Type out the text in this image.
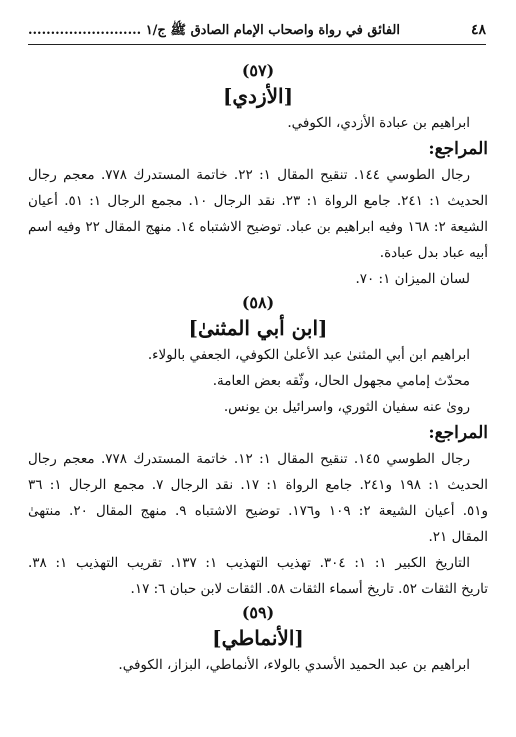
٤٨
الفائق في رواة واصحاب الإمام الصادق ﷺ ج/١ .........................
(٥٧)
[الأزدي]
ابراهيم بن عبادة الأزدي، الكوفي.
المراجع:
رجال الطوسي ١٤٤. تنقيح المقال ١: ٢٢. خاتمة المستدرك ٧٧٨. معجم رجال
الحديث ١: ٢٤١. جامع الرواة ١: ٢٣. نقد الرجال ١٠. مجمع الرجال ١: ٥١. أعيان
الشيعة ٢: ١٦٨ وفيه ابراهيم بن عباد. توضيح الاشتباه ١٤. منهج المقال ٢٢ وفيه اسم
أبيه عباد بدل عبادة.
لسان الميزان ١: ٧٠.
(٥٨)
[ابن أبي المثنىٰ]
ابراهيم ابن أبي المثنىٰ عبد الأعلىٰ الكوفي، الجعفي بالولاء.
محدّث إمامي مجهول الحال، وثّقه بعض العامة.
روىٰ عنه سفيان الثوري، واسرائيل بن يونس.
المراجع:
رجال الطوسي ١٤٥. تنقيح المقال ١: ١٢. خاتمة المستدرك ٧٧٨. معجم رجال
الحديث ١: ١٩٨ و٢٤١. جامع الرواة ١: ١٧. نقد الرجال ٧. مجمع الرجال ١: ٣٦
و٥١. أعيان الشيعة ٢: ١٠٩ و١٧٦. توضيح الاشتباه ٩. منهج المقال ٢٠. منتهىٰ
المقال ٢١.
التاريخ الكبير ١: ١: ٣٠٤. تهذيب التهذيب ١: ١٣٧. تقريب التهذيب ١: ٣٨.
تاريخ الثقات ٥٢. تاريخ أسماء الثقات ٥٨. الثقات لابن حبان ٦: ١٧.
(٥٩)
[الأنماطي]
ابراهيم بن عبد الحميد الأسدي بالولاء، الأنماطي، البزاز، الكوفي.
